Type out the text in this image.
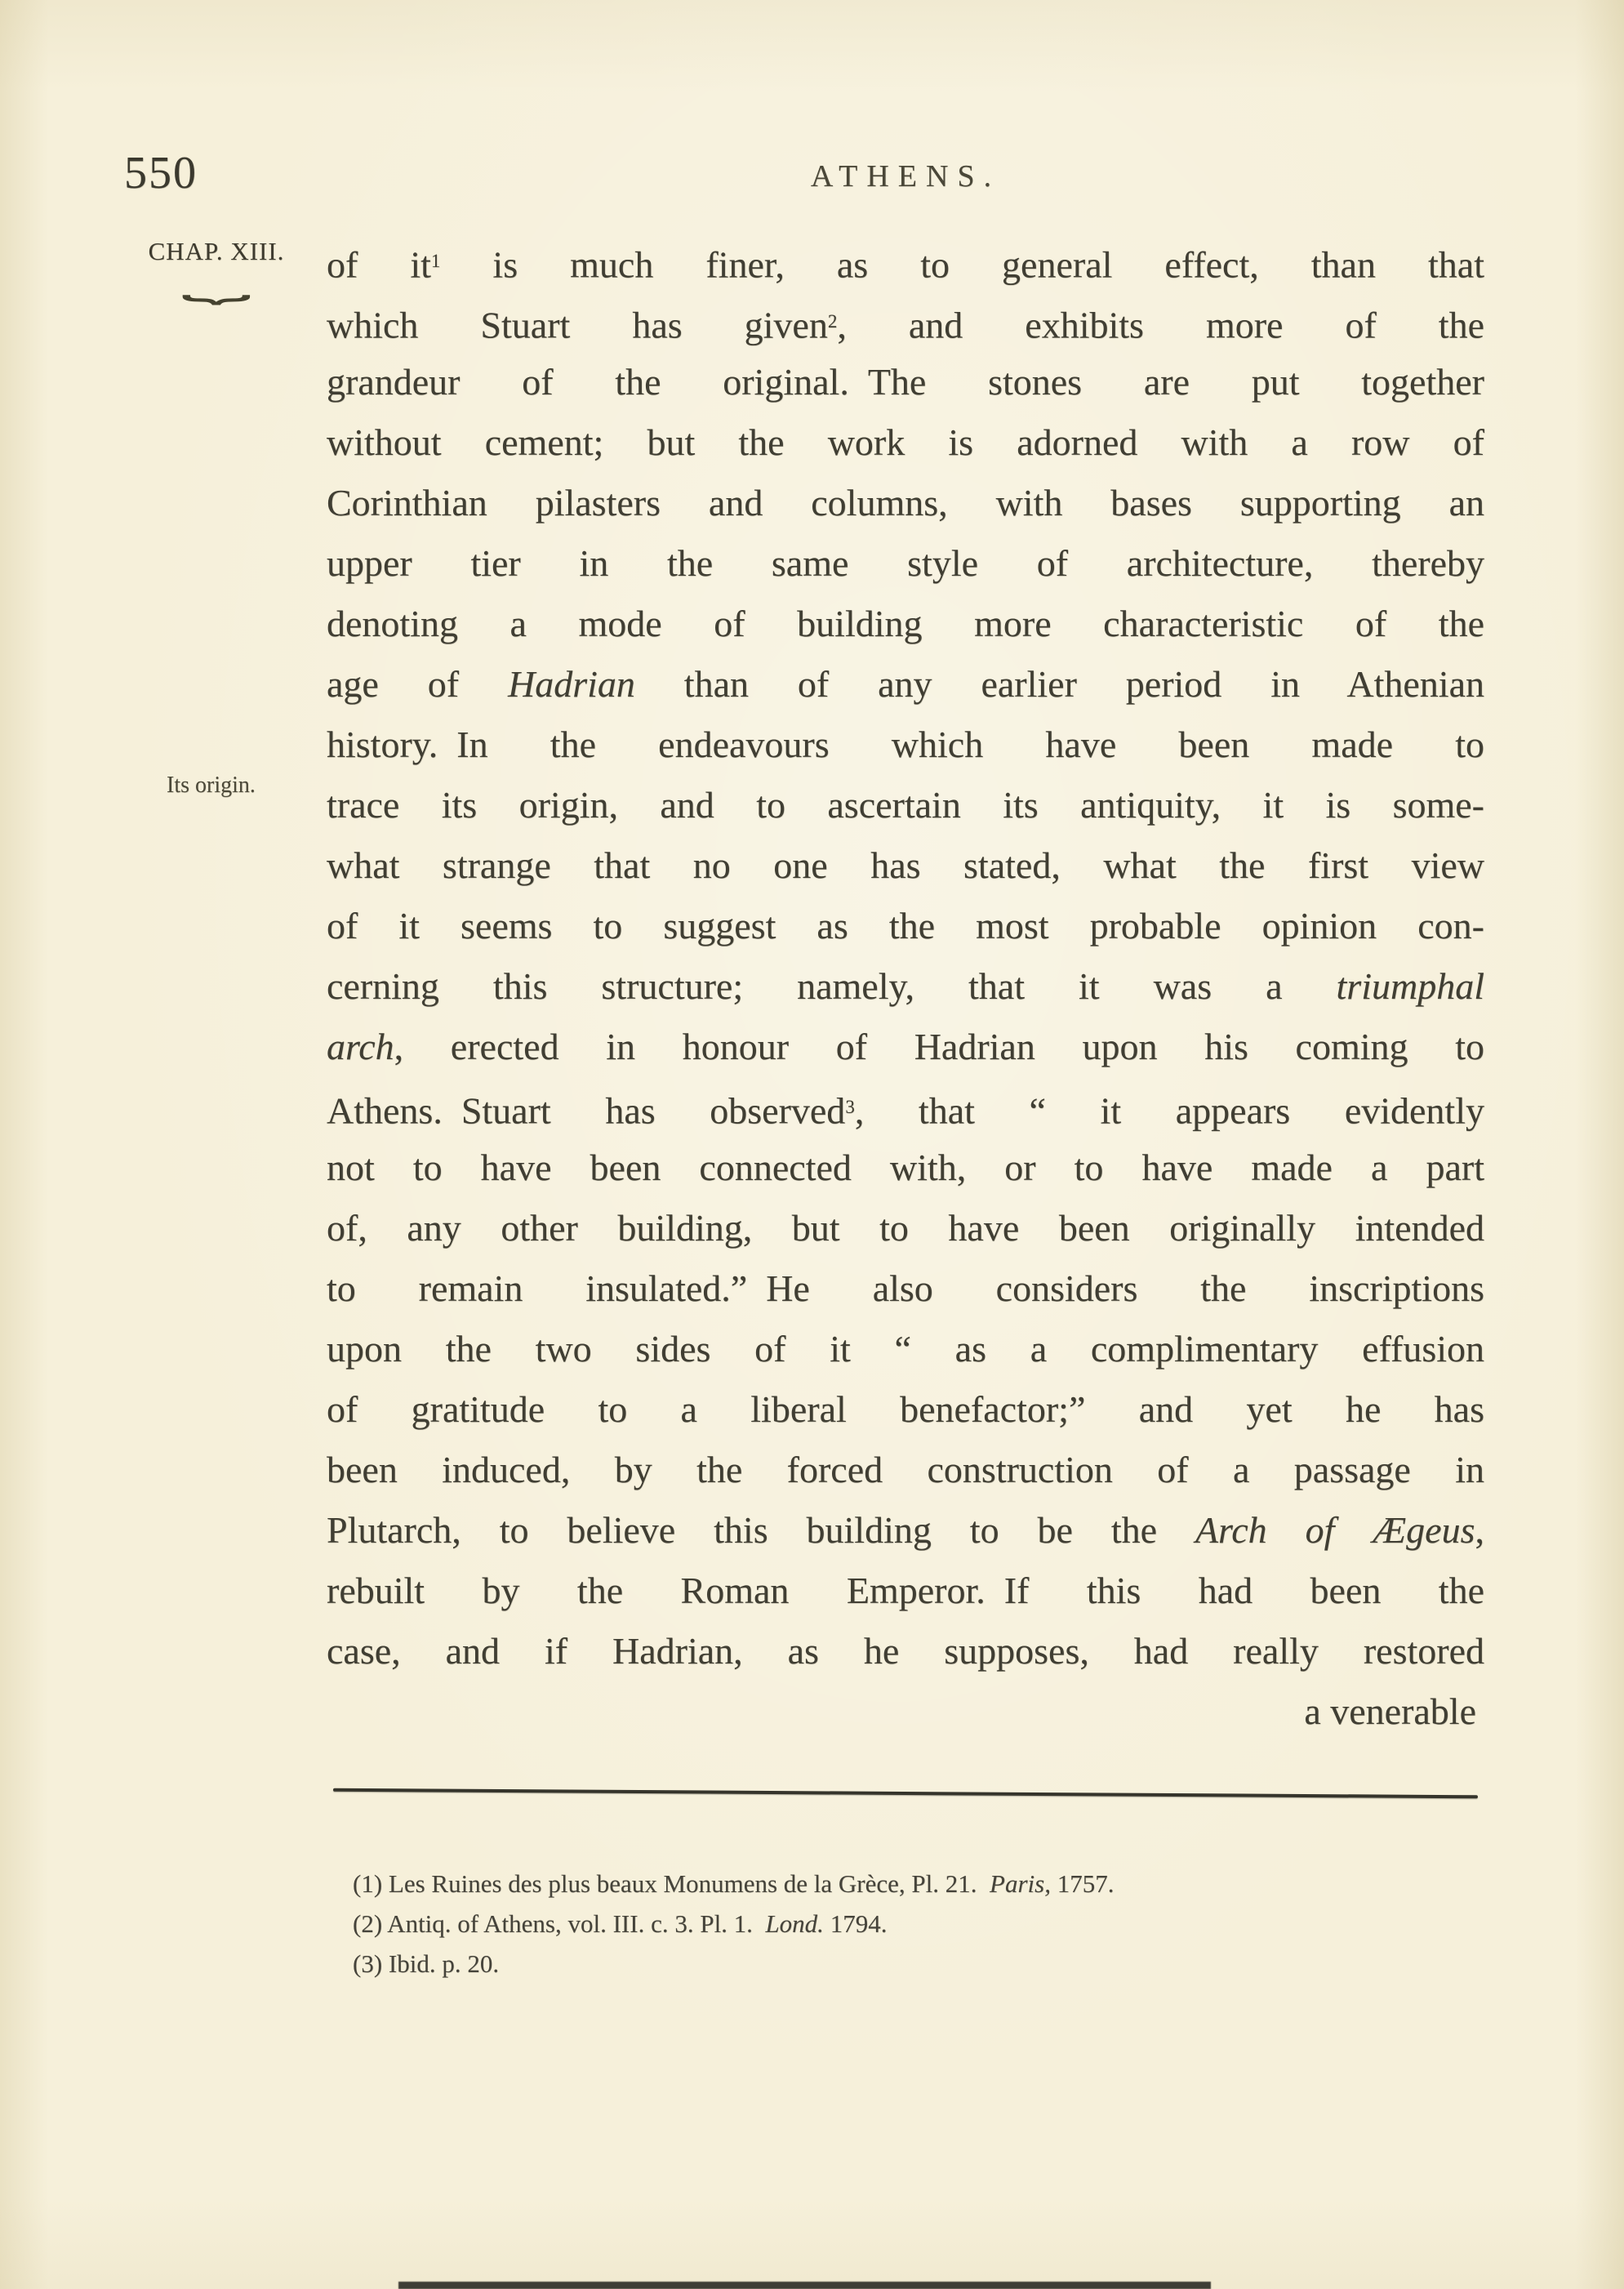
550	ATHENS.
CHAP. XIII.
⏟
Its origin.
of $it^1$ is much finer, as to general effect, than that
which Stuart has given$^2$, and exhibits more of the
grandeur of the original. The stones are put together
without cement; but the work is adorned with a row of
Corinthian pilasters and columns, with bases supporting an
upper tier in the same style of architecture, thereby
denoting a mode of building more characteristic of the
age of Hadrian than of any earlier period in Athenian
history. In the endeavours which have been made to
trace its origin, and to ascertain its antiquity, it is some-
what strange that no one has stated, what the first view
of it seems to suggest as the most probable opinion con-
cerning this structure; namely, that it was a triumphal
arch, erected in honour of Hadrian upon his coming to
Athens. Stuart has observed$^3$, that “ it appears evidently
not to have been connected with, or to have made a part
of, any other building, but to have been originally intended
to remain insulated.” He also considers the inscriptions
upon the two sides of it “ as a complimentary effusion
of gratitude to a liberal benefactor;” and yet he has
been induced, by the forced construction of a passage in
Plutarch, to believe this building to be the Arch of Ægeus,
rebuilt by the Roman Emperor. If this had been the
case, and if Hadrian, as he supposes, had really restored
a venerable
(1) Les Ruines des plus beaux Monumens de la Grèce, Pl. 21. Paris, 1757.
(2) Antiq. of Athens, vol. III. c. 3. Pl. 1. Lond. 1794.
(3) Ibid. p. 20.
